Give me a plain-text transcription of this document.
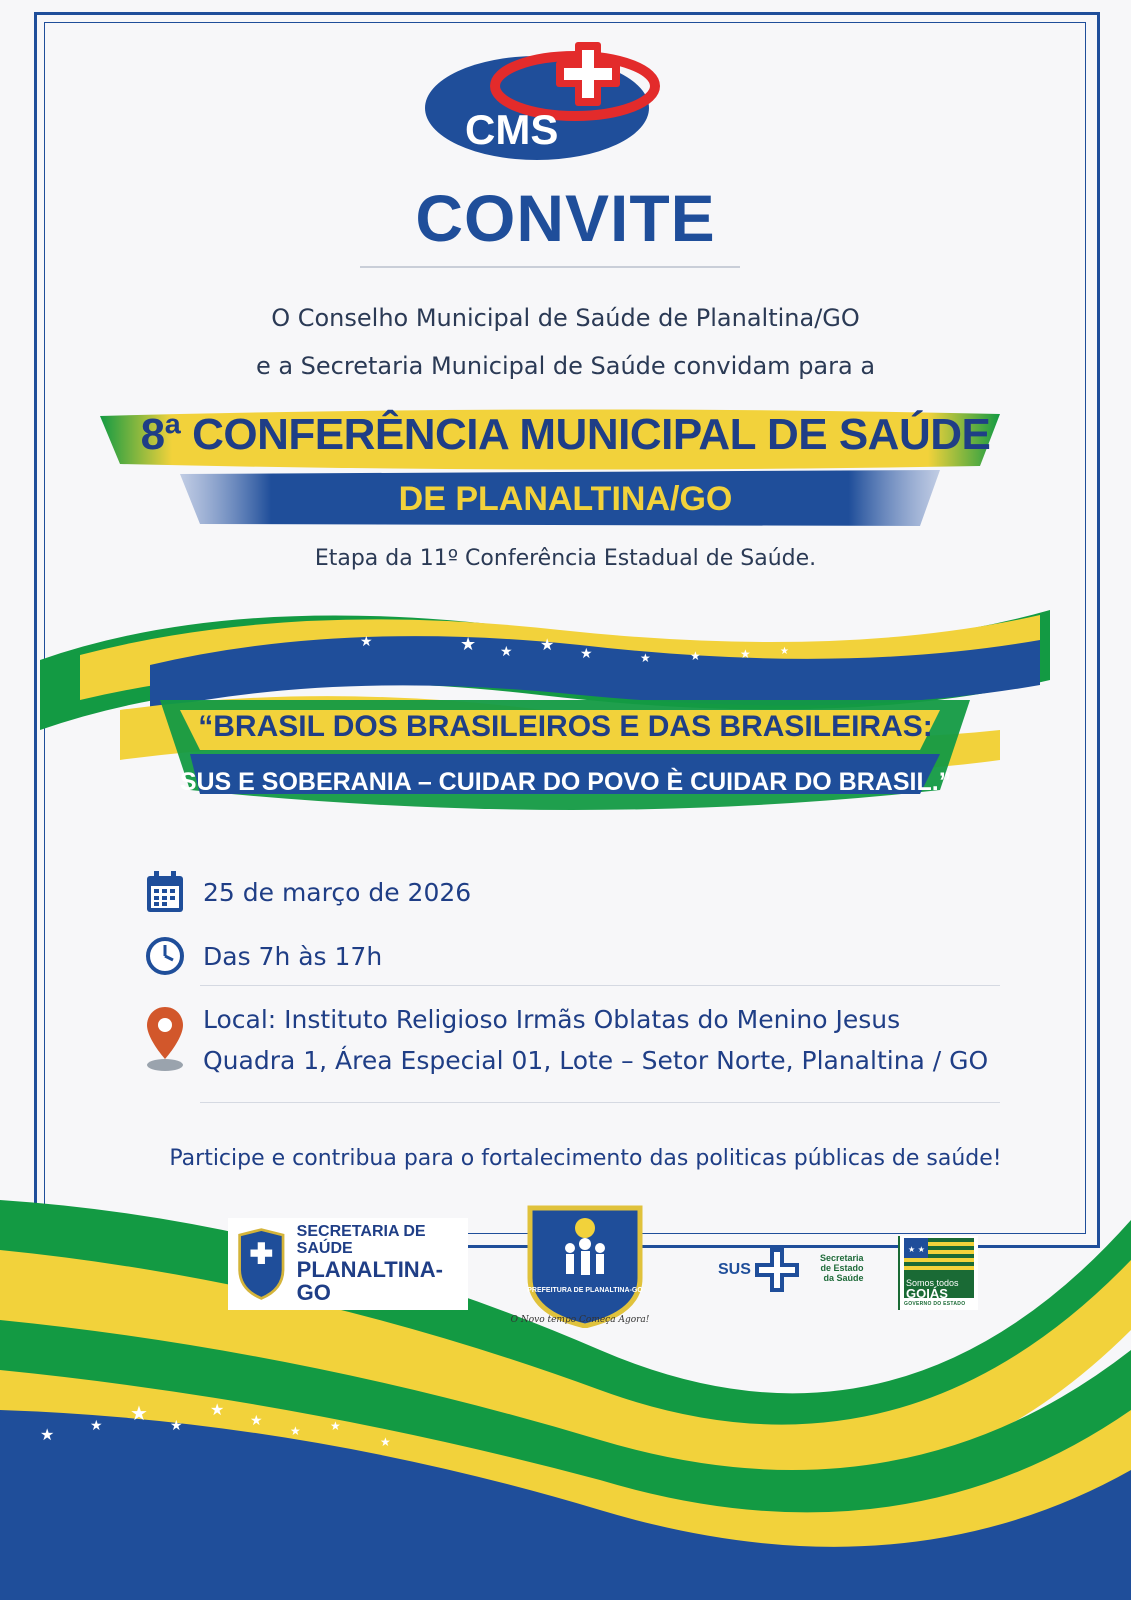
CMS
CONVITE
O Conselho Municipal de Saúde de Planaltina/GO
e a Secretaria Municipal de Saúde convidam para a
8ª CONFERÊNCIA MUNICIPAL DE SAÚDE
DE PLANALTINA/GO
Etapa da 11º Conferência Estadual de Saúde.
★	★ ★ ★ ★	★	★	★	★
“BRASIL DOS BRASILEIROS E DAS BRASILEIRAS:
SUS E SOBERANIA – CUIDAR DO POVO È CUIDAR DO BRASIL.”
25 de março de 2026
Das 7h às 17h
Local: Instituto Religioso Irmãs Oblatas do Menino Jesus
Quadra 1, Área Especial 01, Lote – Setor Norte, Planaltina / GO
Participe e contribua para o fortalecimento das politicas públicas de saúde!
★	★
★
★
★
★
★ ★
★
SECRETARIA DE SAÚDE
PLANALTINA-GO	PREFEITURA DE PLANALTINA-GO
O Novo tempo Começa Agora!
SUS
Secretaria
de Estado
da Saúde
★ ★
Somos todos
GOIÁS
GOVERNO DO ESTADO
